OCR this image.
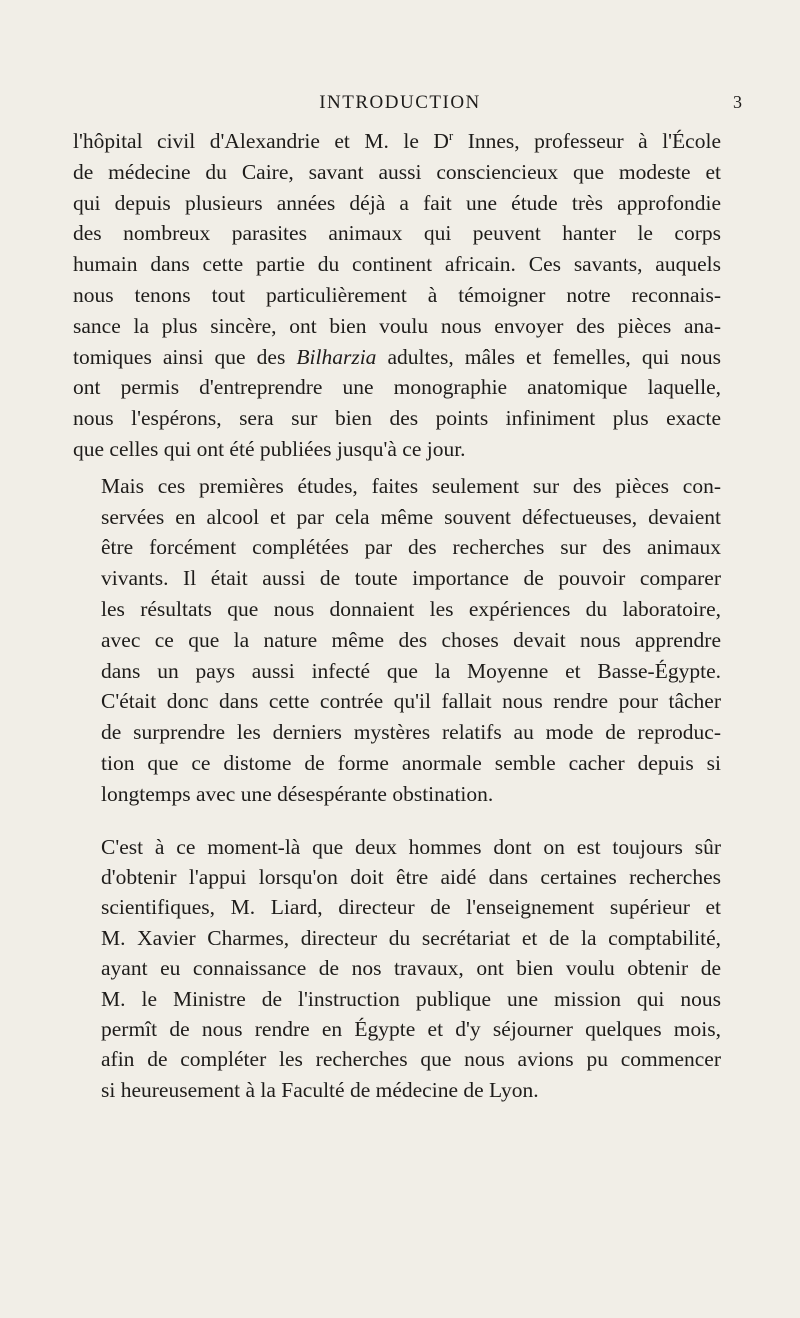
INTRODUCTION	3

l'hôpital civil d'Alexandrie et M. le $D^r$ Innes, professeur à l'École
de médecine du Caire, savant aussi consciencieux que modeste et
qui depuis plusieurs années déjà a fait une étude très approfondie
des nombreux parasites animaux qui peuvent hanter le corps
humain dans cette partie du continent africain. Ces savants, auquels
nous tenons tout particulièrement à témoigner notre reconnais-
sance la plus sincère, ont bien voulu nous envoyer des pièces ana-
tomiques ainsi que des Bilharzia adultes, mâles et femelles, qui nous
ont permis d'entreprendre une monographie anatomique laquelle,
nous l'espérons, sera sur bien des points infiniment plus exacte
que celles qui ont été publiées jusqu'à ce jour.

Mais ces premières études, faites seulement sur des pièces con-
servées en alcool et par cela même souvent défectueuses, devaient
être forcément complétées par des recherches sur des animaux
vivants. Il était aussi de toute importance de pouvoir comparer
les résultats que nous donnaient les expériences du laboratoire,
avec ce que la nature même des choses devait nous apprendre
dans un pays aussi infecté que la Moyenne et Basse-Égypte.
C'était donc dans cette contrée qu'il fallait nous rendre pour tâcher
de surprendre les derniers mystères relatifs au mode de reproduc-
tion que ce distome de forme anormale semble cacher depuis si
longtemps avec une désespérante obstination.

C'est à ce moment-là que deux hommes dont on est toujours sûr
d'obtenir l'appui lorsqu'on doit être aidé dans certaines recherches
scientifiques, M. Liard, directeur de l'enseignement supérieur et
M. Xavier Charmes, directeur du secrétariat et de la comptabilité,
ayant eu connaissance de nos travaux, ont bien voulu obtenir de
M. le Ministre de l'instruction publique une mission qui nous
permît de nous rendre en Égypte et d'y séjourner quelques mois,
afin de compléter les recherches que nous avions pu commencer
si heureusement à la Faculté de médecine de Lyon.
